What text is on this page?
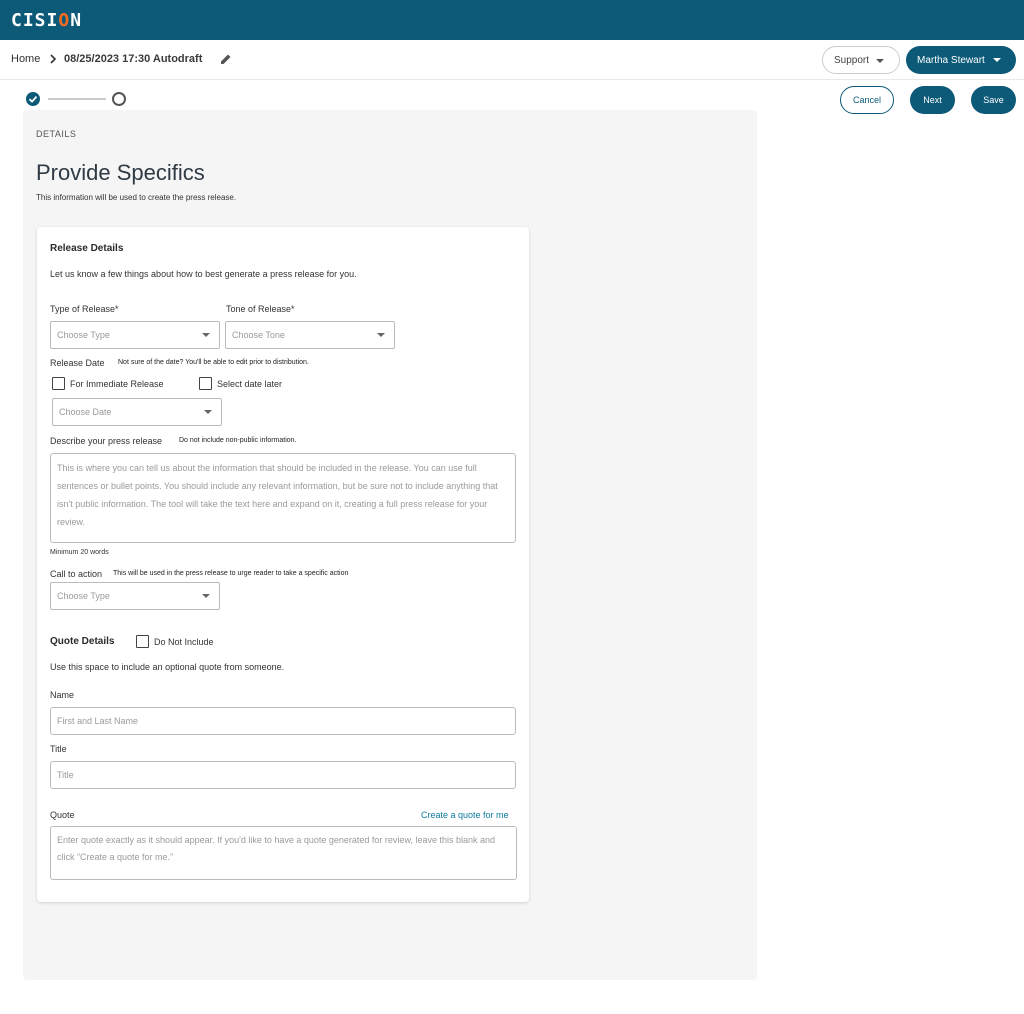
CIS I O N
Home 08/25/2023 17:30 Autodraft	Support	Martha Stewart
Cancel	Next	Save
DETAILS
Provide Specifics
This information will be used to create the press release.
Release Details
Let us know a few things about how to best generate a press release for you.
Type of Release*
Choose Type
Tone of Release*
Choose Tone
Release Date Not sure of the date? You'll be able to edit prior to distribution.
For Immediate Release	Select date later
Choose Date
Describe your press release Do not include non-public information.
This is where you can tell us about the information that should be included in the release. You can use full sentences or bullet points. You should include any relevant information, but be sure not to include anything that isn't public information. The tool will take the text here and expand on it, creating a full press release for your review.
Minimum 20 words
Call to action This will be used in the press release to urge reader to take a specific action
Choose Type
Quote Details	Do Not Include
Use this space to include an optional quote from someone.
Name
First and Last Name
Title
Title
Quote	Create a quote for me
Enter quote exactly as it should appear. If you'd like to have a quote generated for review, leave this blank and click “Create a quote for me.”
